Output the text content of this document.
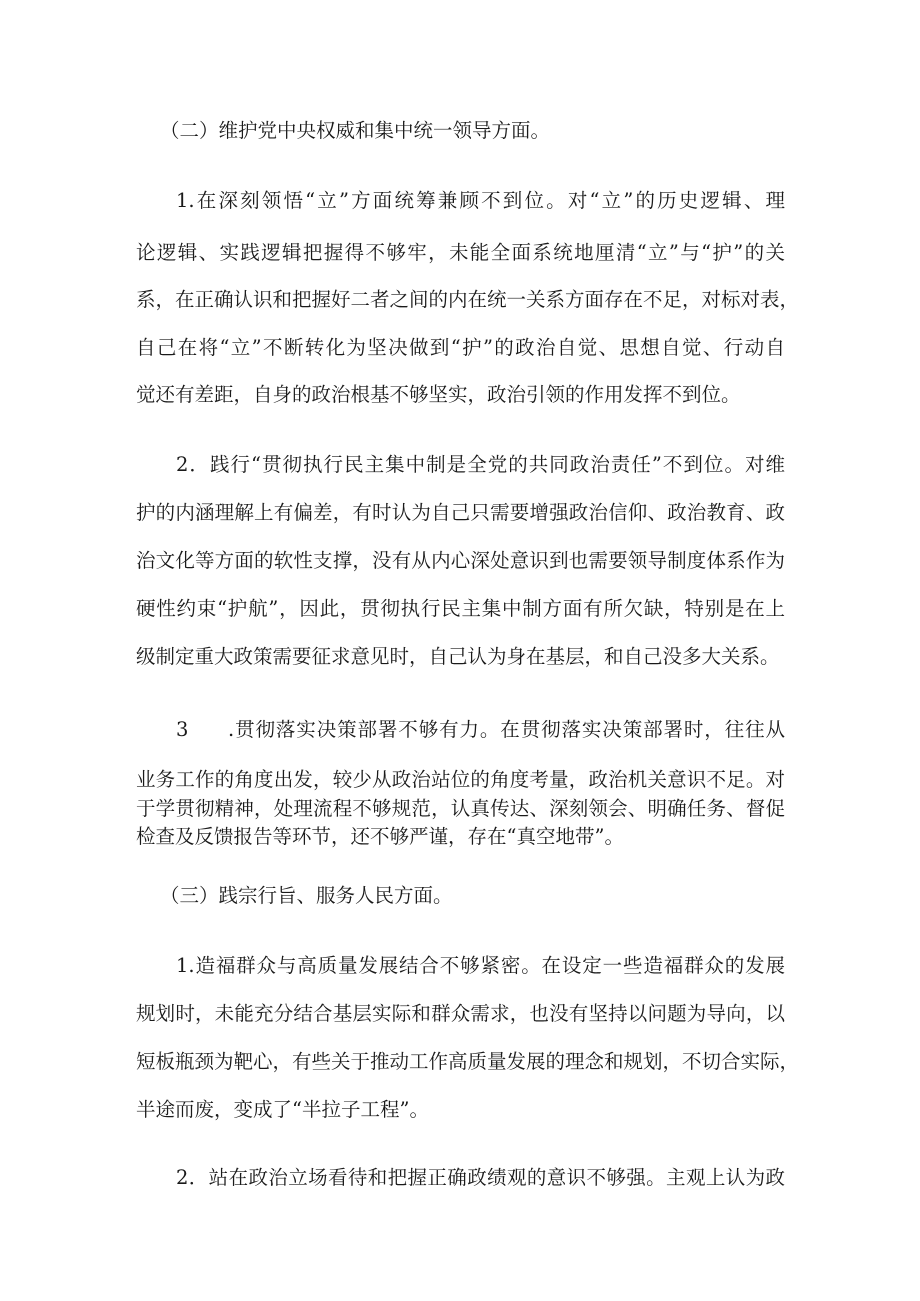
（二）维护党中央权威和集中统一领导方面。
1.在深刻领悟“立”方面统筹兼顾不到位。对“立”的历史逻辑、理
论逻辑、实践逻辑把握得不够牢，未能全面系统地厘清“立”与“护”的关
系，在正确认识和把握好二者之间的内在统一关系方面存在不足，对标对表，
自己在将“立”不断转化为坚决做到“护”的政治自觉、思想自觉、行动自
觉还有差距，自身的政治根基不够坚实，政治引领的作用发挥不到位。
2．践行“贯彻执行民主集中制是全党的共同政治责任”不到位。对维
护的内涵理解上有偏差，有时认为自己只需要增强政治信仰、政治教育、政
治文化等方面的软性支撑，没有从内心深处意识到也需要领导制度体系作为
硬性约束“护航”，因此，贯彻执行民主集中制方面有所欠缺，特别是在上
级制定重大政策需要征求意见时，自己认为身在基层，和自己没多大关系。
3 .贯彻落实决策部署不够有力。在贯彻落实决策部署时，往往从
业务工作的角度出发，较少从政治站位的角度考量，政治机关意识不足。对
于学贯彻精神，处理流程不够规范，认真传达、深刻领会、明确任务、督促
检查及反馈报告等环节，还不够严谨，存在“真空地带”。
（三）践宗行旨、服务人民方面。
1.造福群众与高质量发展结合不够紧密。在设定一些造福群众的发展
规划时，未能充分结合基层实际和群众需求，也没有坚持以问题为导向，以
短板瓶颈为靶心，有些关于推动工作高质量发展的理念和规划，不切合实际，
半途而废，变成了“半拉子工程”。
2．站在政治立场看待和把握正确政绩观的意识不够强。主观上认为政
